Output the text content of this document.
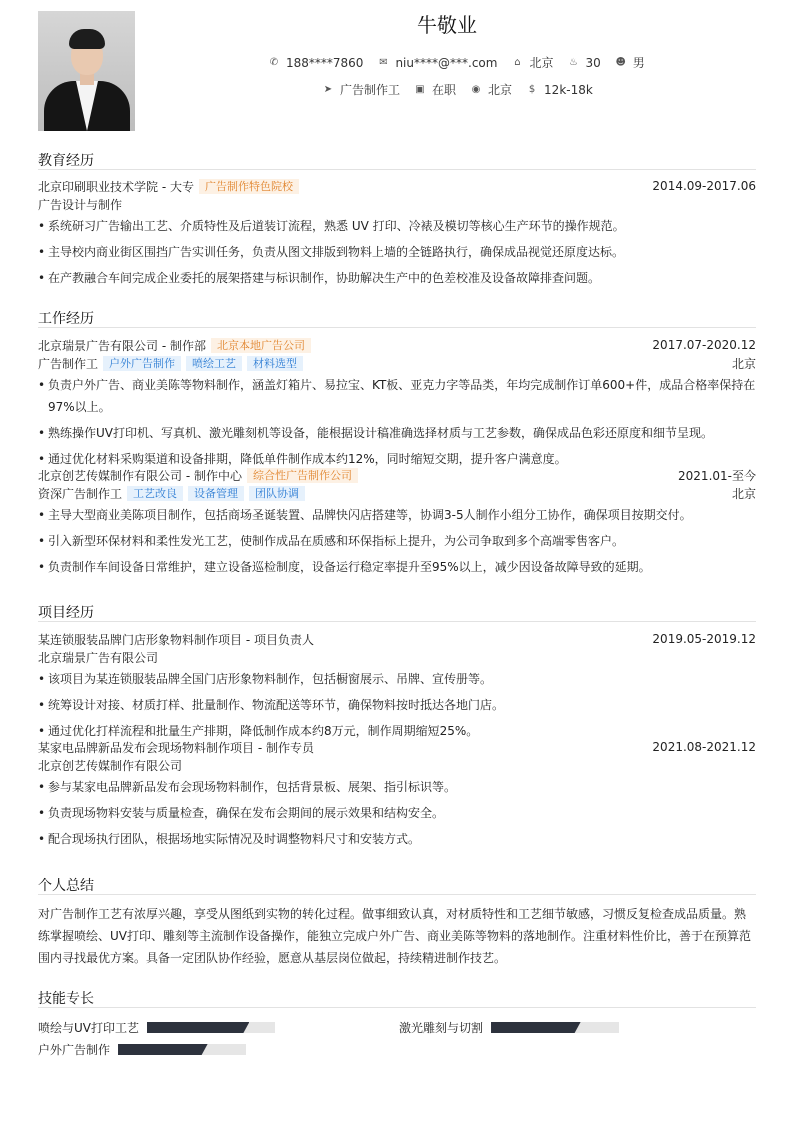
牛敬业
✆ 188****7860 ✉ niu****@***.com ⌂ 北京 ♨ 30 ☻ 男
➤ 广告制作工 ▣ 在职 ◉ 北京 $ 12k-18k
教育经历
北京印刷职业技术学院 - 大专	广告制作特色院校	2014.09-2017.06
广告设计与制作
• 系统研习广告输出工艺、介质特性及后道装订流程，熟悉 UV 打印、冷裱及模切等核心生产环节的操作规范。
• 主导校内商业街区围挡广告实训任务，负责从图文排版到物料上墙的全链路执行，确保成品视觉还原度达标。
• 在产教融合车间完成企业委托的展架搭建与标识制作，协助解决生产中的色差校准及设备故障排查问题。
工作经历
北京瑞景广告有限公司 - 制作部	北京本地广告公司	2017.07-2020.12
广告制作工	户外广告制作	喷绘工艺	材料选型	北京
• 负责户外广告、商业美陈等物料制作，涵盖灯箱片、易拉宝、KT板、亚克力字等品类，年均完成制作订单600+件，成品合格率保持在97%以上。
• 熟练操作UV打印机、写真机、激光雕刻机等设备，能根据设计稿准确选择材质与工艺参数，确保成品色彩还原度和细节呈现。
• 通过优化材料采购渠道和设备排期，降低单件制作成本约12%，同时缩短交期，提升客户满意度。
北京创艺传媒制作有限公司 - 制作中心	综合性广告制作公司	2021.01-至今
资深广告制作工	工艺改良	设备管理	团队协调	北京
• 主导大型商业美陈项目制作，包括商场圣诞装置、品牌快闪店搭建等，协调3-5人制作小组分工协作，确保项目按期交付。
• 引入新型环保材料和柔性发光工艺，使制作成品在质感和环保指标上提升，为公司争取到多个高端零售客户。
• 负责制作车间设备日常维护，建立设备巡检制度，设备运行稳定率提升至95%以上，减少因设备故障导致的延期。
项目经历
某连锁服装品牌门店形象物料制作项目 - 项目负责人	2019.05-2019.12
北京瑞景广告有限公司
• 该项目为某连锁服装品牌全国门店形象物料制作，包括橱窗展示、吊牌、宣传册等。
• 统筹设计对接、材质打样、批量制作、物流配送等环节，确保物料按时抵达各地门店。
• 通过优化打样流程和批量生产排期，降低制作成本约8万元，制作周期缩短25%。
某家电品牌新品发布会现场物料制作项目 - 制作专员	2021.08-2021.12
北京创艺传媒制作有限公司
• 参与某家电品牌新品发布会现场物料制作，包括背景板、展架、指引标识等。
• 负责现场物料安装与质量检查，确保在发布会期间的展示效果和结构安全。
• 配合现场执行团队，根据场地实际情况及时调整物料尺寸和安装方式。
个人总结

对广告制作工艺有浓厚兴趣，享受从图纸到实物的转化过程。做事细致认真，对材质特性和工艺细节敏感，习惯反复检查成品质量。熟练掌握喷绘、UV打印、雕刻等主流制作设备操作，能独立完成户外广告、商业美陈等物料的落地制作。注重材料性价比，善于在预算范围内寻找最优方案。具备一定团队协作经验，愿意从基层岗位做起，持续精进制作技艺。

技能专长
喷绘与UV打印工艺	激光雕刻与切割
户外广告制作
